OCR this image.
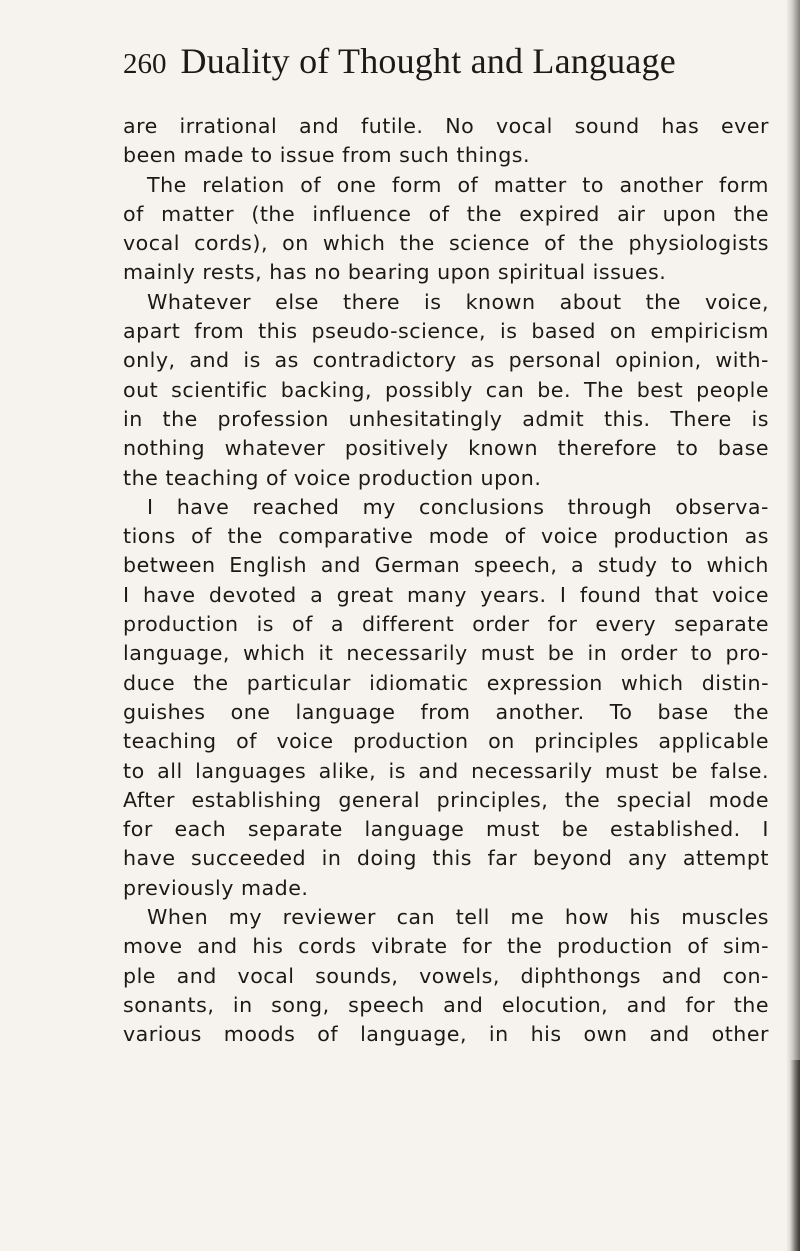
260 Duality of Thought and Language
are irrational and futile. No vocal sound has ever
been made to issue from such things.
The relation of one form of matter to another form
of matter (the influence of the expired air upon the
vocal cords), on which the science of the physiologists
mainly rests, has no bearing upon spiritual issues.
Whatever else there is known about the voice,
apart from this pseudo-science, is based on empiricism
only, and is as contradictory as personal opinion, with-
out scientific backing, possibly can be. The best people
in the profession unhesitatingly admit this. There is
nothing whatever positively known therefore to base
the teaching of voice production upon.
I have reached my conclusions through observa-
tions of the comparative mode of voice production as
between English and German speech, a study to which
I have devoted a great many years. I found that voice
production is of a different order for every separate
language, which it necessarily must be in order to pro-
duce the particular idiomatic expression which distin-
guishes one language from another. To base the
teaching of voice production on principles applicable
to all languages alike, is and necessarily must be false.
After establishing general principles, the special mode
for each separate language must be established. I
have succeeded in doing this far beyond any attempt
previously made.
When my reviewer can tell me how his muscles
move and his cords vibrate for the production of sim-
ple and vocal sounds, vowels, diphthongs and con-
sonants, in song, speech and elocution, and for the
various moods of language, in his own and other
